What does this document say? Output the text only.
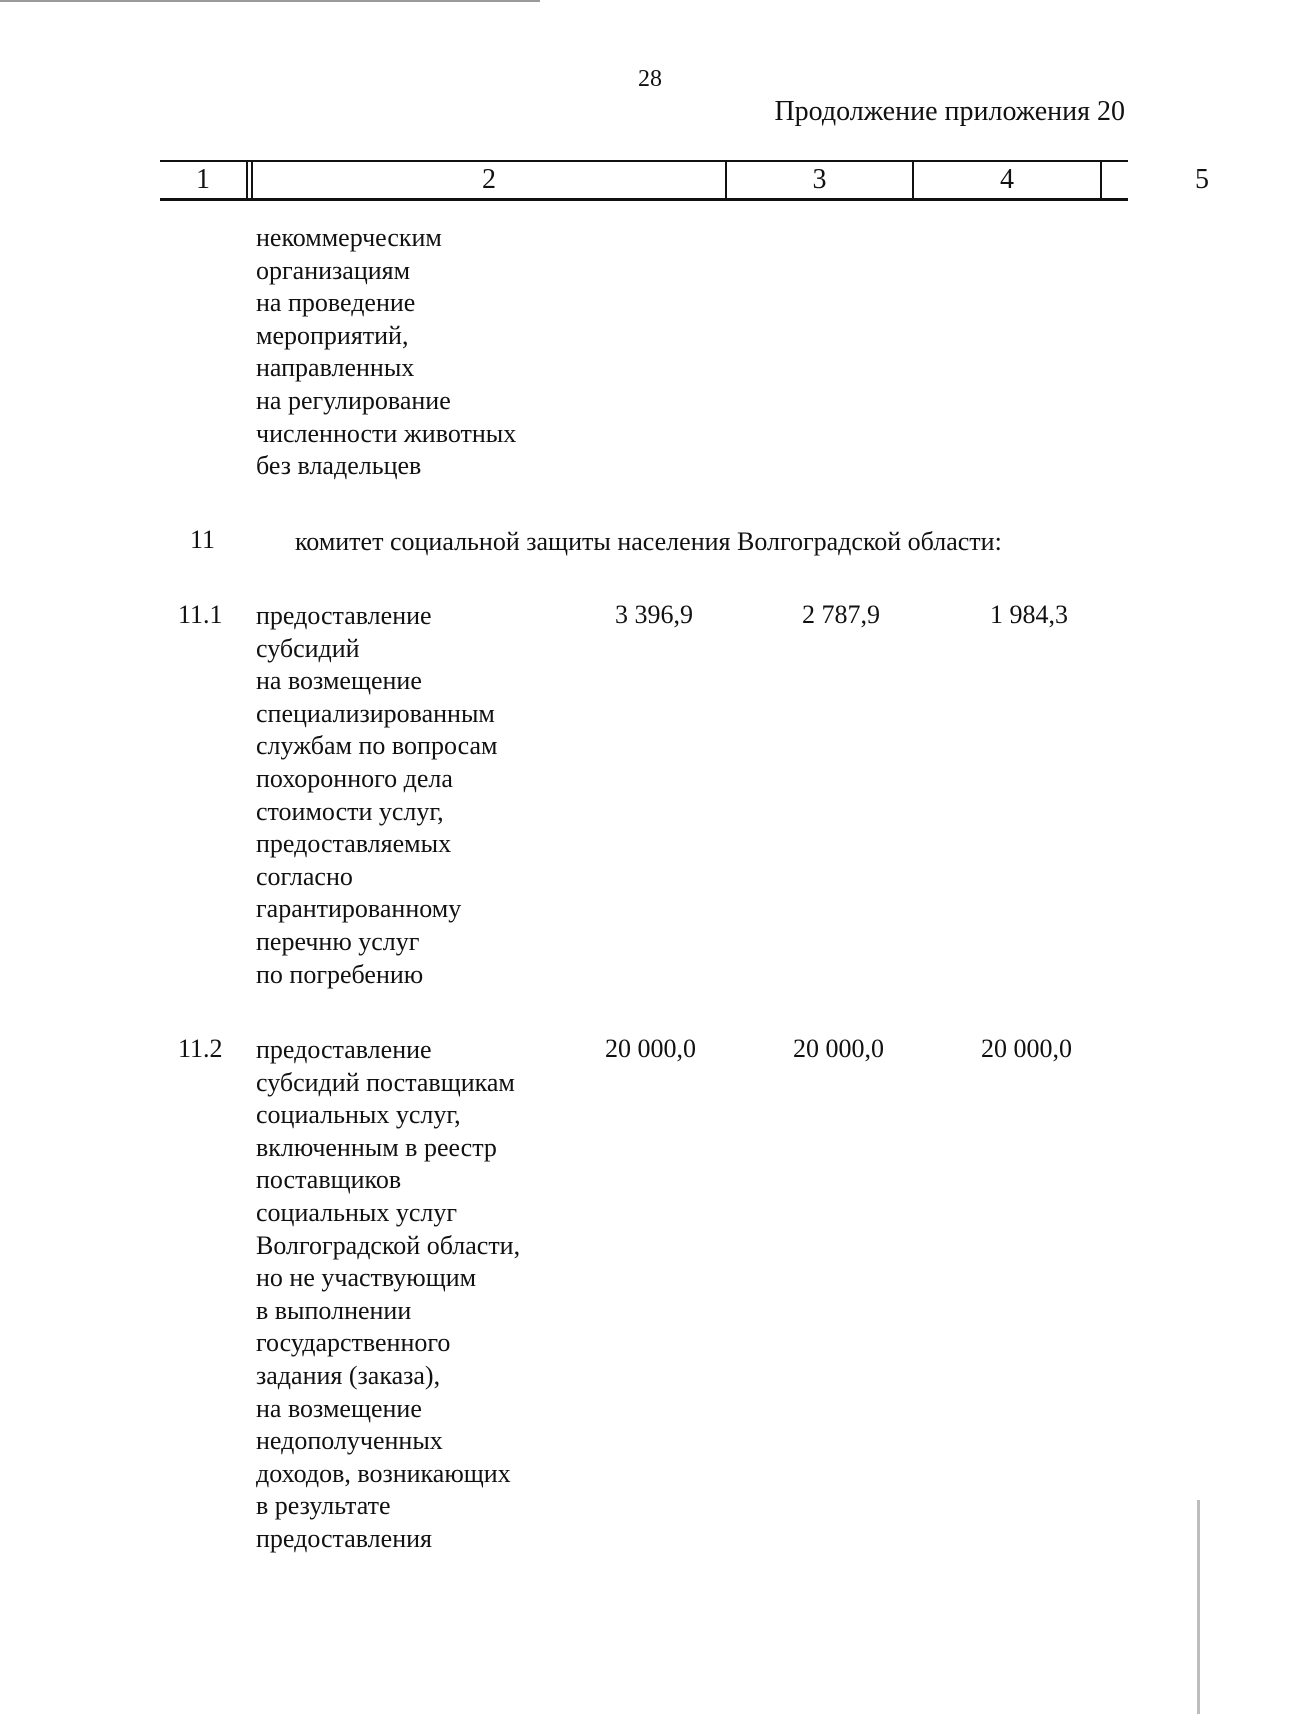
28
Продолжение приложения 20
1	2	3	4	5
некоммерческим
организациям
на проведение
мероприятий,
направленных
на регулирование
численности животных
без владельцев
11	комитет социальной защиты населения Волгоградской области:
11.1 предоставление
субсидий
на возмещение
специализированным
службам по вопросам
похоронного дела
стоимости услуг,
предоставляемых
согласно
гарантированному
перечню услуг
по погребению
3 396,9	2 787,9	1 984,3
11.2 предоставление
субсидий поставщикам
социальных услуг,
включенным в реестр
поставщиков
социальных услуг
Волгоградской области,
но не участвующим
в выполнении
государственного
задания (заказа),
на возмещение
недополученных
доходов, возникающих
в результате
предоставления
20 000,0	20 000,0	20 000,0
